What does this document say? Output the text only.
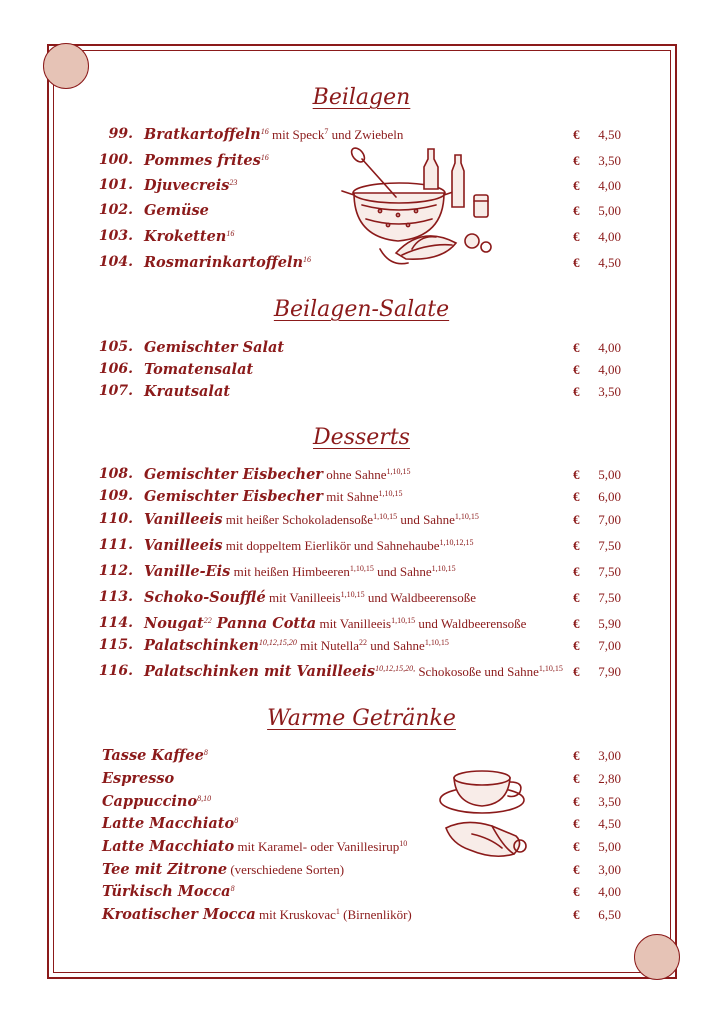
Beilagen
99. Bratkartoffeln$^{16}$ mit Speck$^7$ und Zwiebeln	€ 4,50
100. Pommes frites$^{16}$	€ 3,50
101. Djuvecreis$^{23}$	€ 4,00
102. Gemüse	€ 5,00
103. Kroketten$^{16}$	€ 4,00
104. Rosmarinkartoffeln$^{16}$	€ 4,50
Beilagen-Salate
105. Gemischter Salat	€ 4,00
106. Tomatensalat	€ 4,00
107. Krautsalat	€ 3,50
Desserts
108. Gemischter Eisbecher ohne Sahne$^{1,10,15}$	€ 5,00
109. Gemischter Eisbecher mit Sahne$^{1,10,15}$	€ 6,00
110. Vanilleeis mit heißer Schokoladensoße$^{1,10,15}$ und Sahne$^{1,10,15}$	€ 7,00
111. Vanilleeis mit doppeltem Eierlikör und Sahnehaube$^{1,10,12,15}$	€ 7,50
112. Vanille-Eis mit heißen Himbeeren$^{1,10,15}$ und Sahne$^{1,10,15}$	€ 7,50
113. Schoko-Soufflé mit Vanilleeis$^{1,10,15}$ und Waldbeerensoße	€ 7,50
114. Nougat$^{22}$ Panna Cotta mit Vanilleeis$^{1,10,15}$ und Waldbeerensoße	€ 5,90
115. Palatschinken$^{10,12,15,20}$ mit Nutella$^{22}$ und Sahne$^{1,10,15}$	€ 7,00
116. Palatschinken mit Vanilleeis$^{10,12,15,20,}$ Schokosoße und Sahne$^{1,10,15}$ € 7,90
Warme Getränke
Tasse Kaffee$^8$	€ 3,00
Espresso	€ 2,80
Cappuccino$^{8,10}$	€ 3,50
Latte Macchiato$^8$	€ 4,50
Latte Macchiato mit Karamel- oder Vanillesirup$^{10}$	€ 5,00
Tee mit Zitrone (verschiedene Sorten)	€ 3,00
Türkisch Mocca$^8$	€ 4,00
Kroatischer Mocca mit Kruskovac$^1$ (Birnenlikör)	€ 6,50
